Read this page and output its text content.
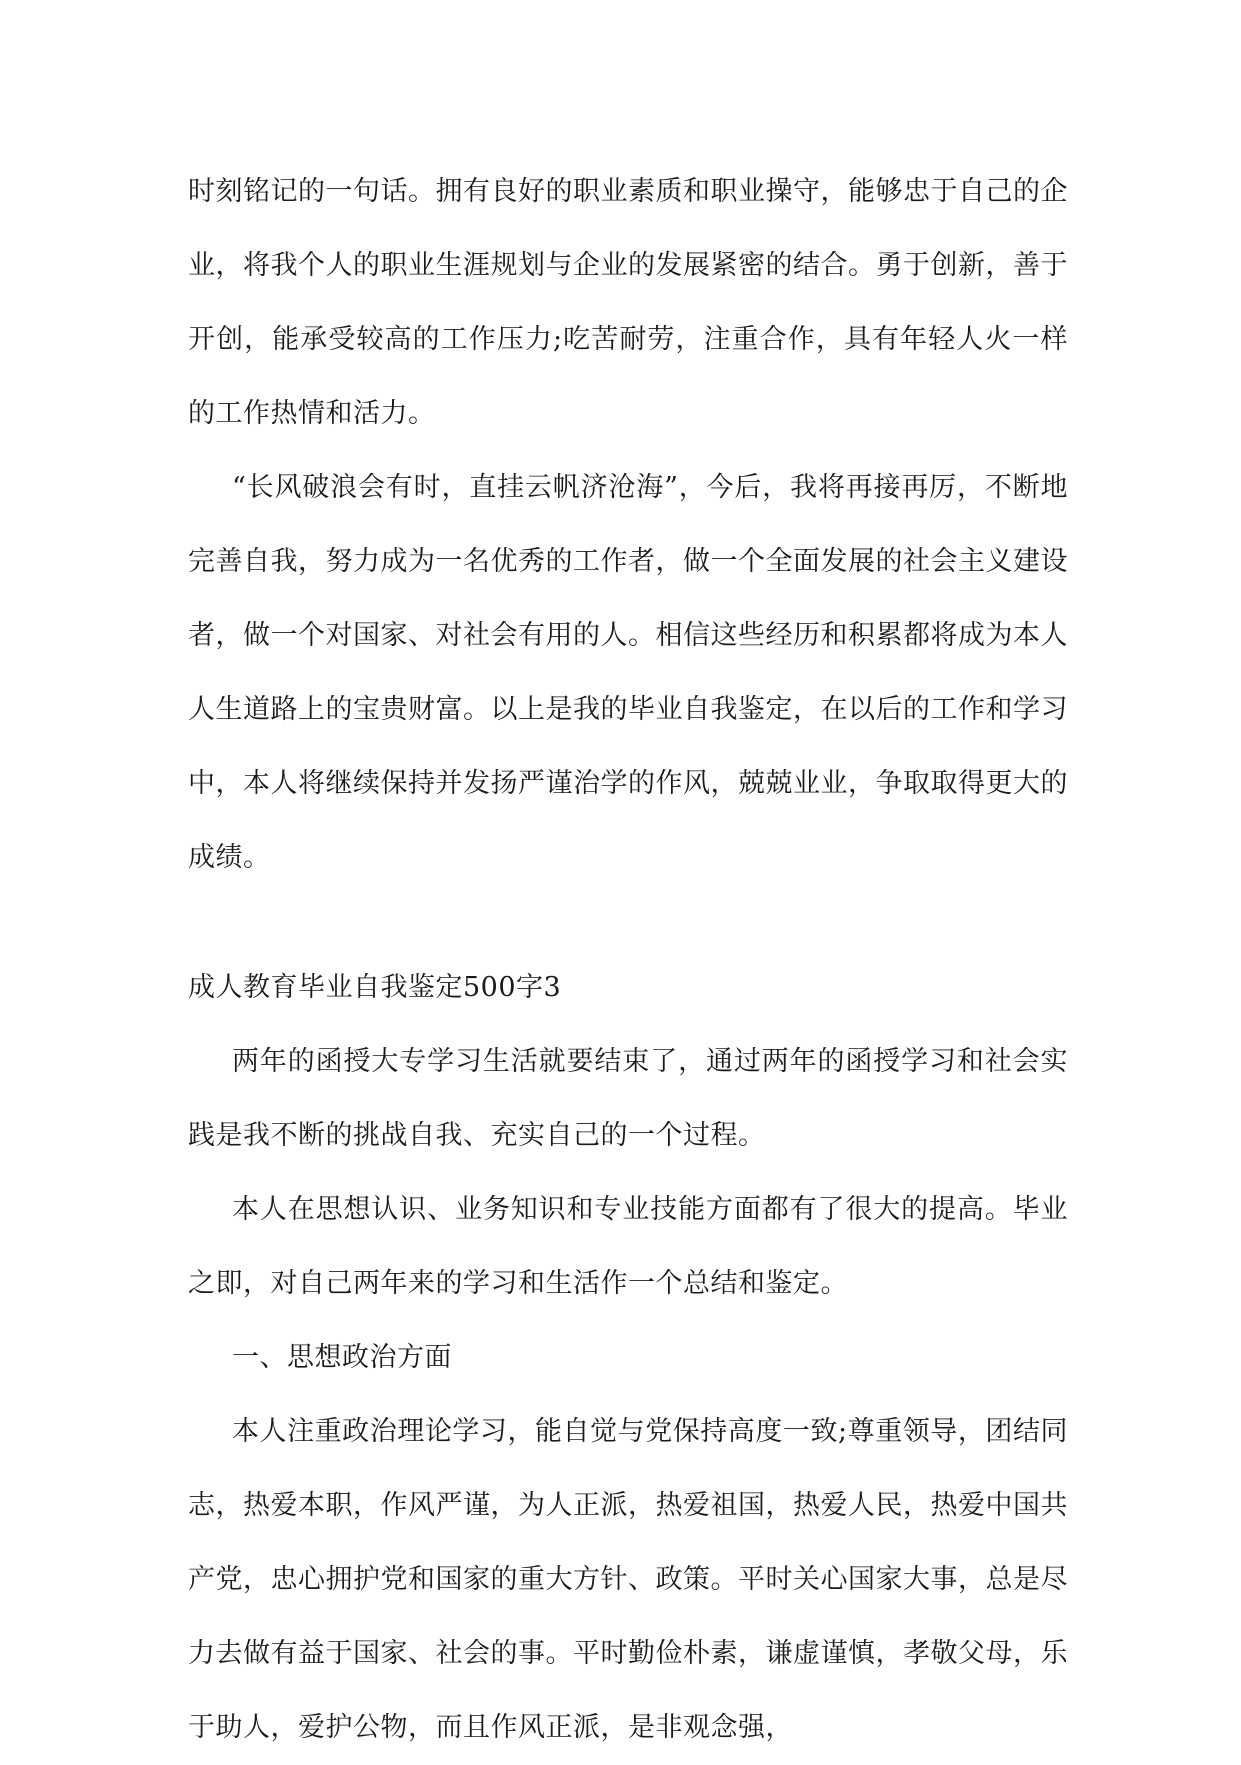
时刻铭记的一句话。拥有良好的职业素质和职业操守，能够忠于自己的企业，将我个人的职业生涯规划与企业的发展紧密的结合。勇于创新，善于开创，能承受较高的工作压力;吃苦耐劳，注重合作，具有年轻人火一样的工作热情和活力。

“长风破浪会有时，直挂云帆济沧海”，今后，我将再接再厉，不断地完善自我，努力成为一名优秀的工作者，做一个全面发展的社会主义建设者，做一个对国家、对社会有用的人。相信这些经历和积累都将成为本人人生道路上的宝贵财富。以上是我的毕业自我鉴定，在以后的工作和学习中，本人将继续保持并发扬严谨治学的作风，兢兢业业，争取取得更大的成绩。

成人教育毕业自我鉴定500字3

两年的函授大专学习生活就要结束了，通过两年的函授学习和社会实践是我不断的挑战自我、充实自己的一个过程。

本人在思想认识、业务知识和专业技能方面都有了很大的提高。毕业之即，对自己两年来的学习和生活作一个总结和鉴定。

一、思想政治方面

本人注重政治理论学习，能自觉与党保持高度一致;尊重领导，团结同志，热爱本职，作风严谨，为人正派，热爱祖国，热爱人民，热爱中国共产党，忠心拥护党和国家的重大方针、政策。平时关心国家大事，总是尽力去做有益于国家、社会的事。平时勤俭朴素，谦虚谨慎，孝敬父母，乐于助人，爱护公物，而且作风正派，是非观念强，
